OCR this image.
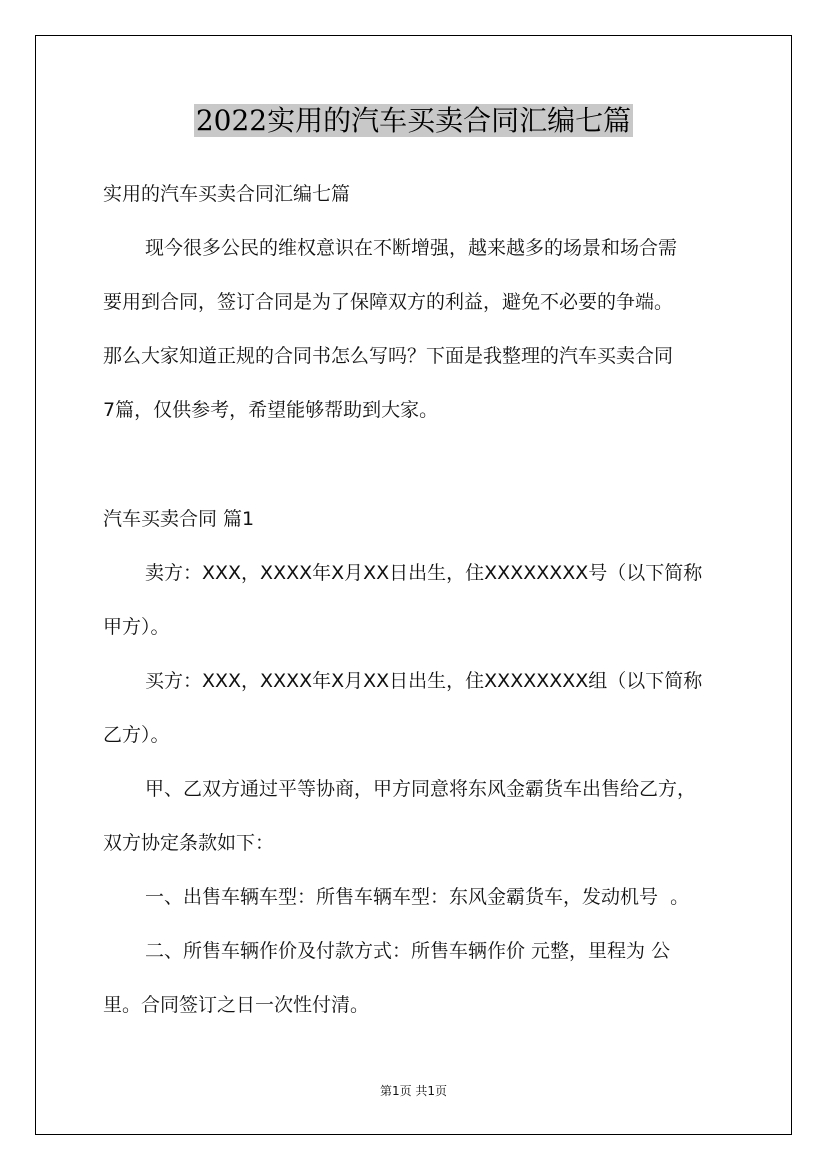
2022实用的汽车买卖合同汇编七篇
实用的汽车买卖合同汇编七篇
现今很多公民的维权意识在不断增强，越来越多的场景和场合需
要用到合同，签订合同是为了保障双方的利益，避免不必要的争端。
那么大家知道正规的合同书怎么写吗？下面是我整理的汽车买卖合同
7篇，仅供参考，希望能够帮助到大家。
汽车买卖合同 篇1
卖方：XXX，XXXX年X月XX日出生，住XXXXXXXX号（以下简称
甲方）。
买方：XXX，XXXX年X月XX日出生，住XXXXXXXX组（以下简称
乙方）。
甲、乙双方通过平等协商，甲方同意将东风金霸货车出售给乙方，
双方协定条款如下：
一、出售车辆车型：所售车辆车型：东风金霸货车，发动机号  。
二、所售车辆作价及付款方式：所售车辆作价 元整，里程为 公
里。合同签订之日一次性付清。
第1页 共1页
